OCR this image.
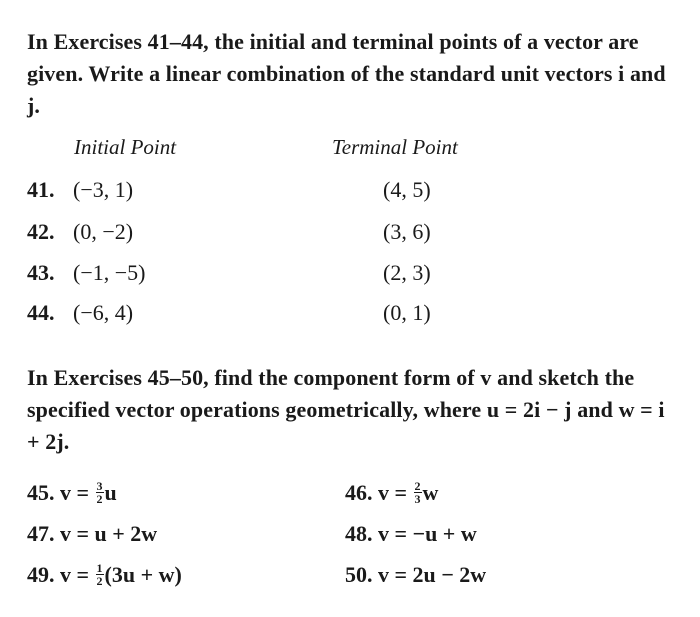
In Exercises 41–44, the initial and terminal points of a vector are given. Write a linear combination of the standard unit vectors i and j.
Initial Point	Terminal Point
41. (−3, 1)	(4, 5)
42. (0, −2)	(3, 6)
43. (−1, −5)	(2, 3)
44. (−6, 4)	(0, 1)
In Exercises 45–50, find the component form of v and sketch the specified vector operations geometrically, where u = 2i − j and w = i + 2j.
45. $v = \frac{3}{2}$ u	46. $v = \frac{2}{3}$ w
47. v = u + 2w	48. v = −u + w
49. $v = \frac{1}{2} (3u + w)$	50. v = 2u − 2w
